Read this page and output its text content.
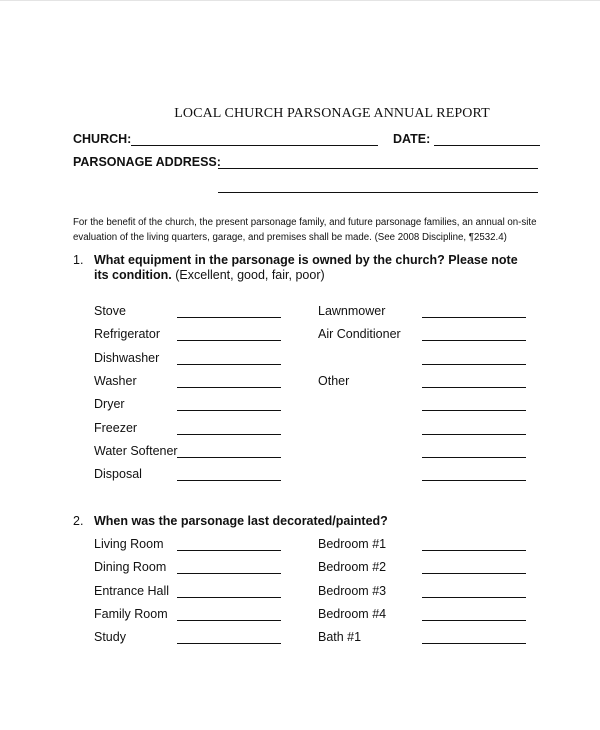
LOCAL CHURCH PARSONAGE ANNUAL REPORT
CHURCH:	DATE:
PARSONAGE ADDRESS:
For the benefit of the church, the present parsonage family, and future parsonage families, an annual on-site
evaluation of the living quarters, garage, and premises shall be made. (See 2008 Discipline, ¶2532.4)
1. What equipment in the parsonage is owned by the church? Please note its condition. (Excellent, good, fair, poor)
Stove	Lawnmower
Refrigerator	Air Conditioner
Dishwasher
Washer	Other
Dryer
Freezer
Water Softener
Disposal
2. When was the parsonage last decorated/painted?
Living Room	Bedroom #1
Dining Room	Bedroom #2
Entrance Hall	Bedroom #3
Family Room	Bedroom #4
Study	Bath #1
